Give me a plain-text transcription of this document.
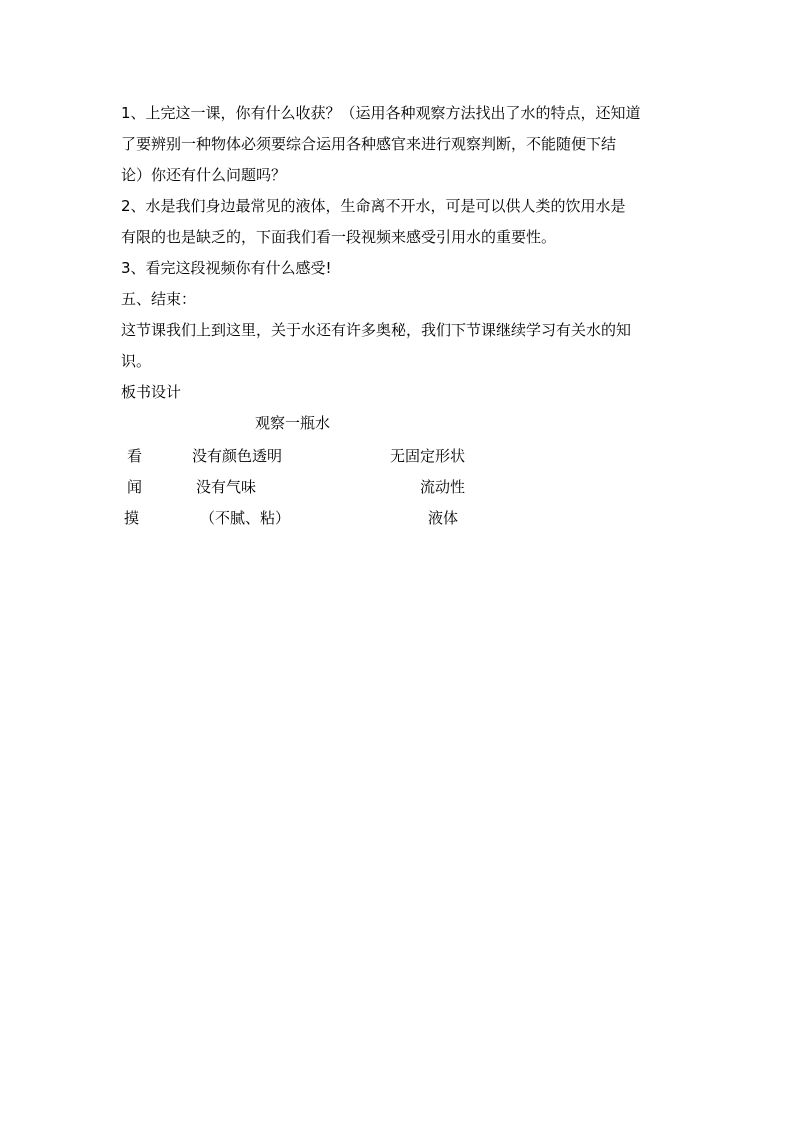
1、上完这一课，你有什么收获？（运用各种观察方法找出了水的特点，还知道

了要辨别一种物体必须要综合运用各种感官来进行观察判断，不能随便下结

论）你还有什么问题吗？

2、水是我们身边最常见的液体，生命离不开水，可是可以供人类的饮用水是

有限的也是缺乏的，下面我们看一段视频来感受引用水的重要性。

3、看完这段视频你有什么感受!

五、结束：

这节课我们上到这里，关于水还有许多奥秘，我们下节课继续学习有关水的知

识。

板书设计

观察一瓶水
看	没有颜色透明	无固定形状
闻	没有气味	流动性
摸	（不腻、粘）	液体
